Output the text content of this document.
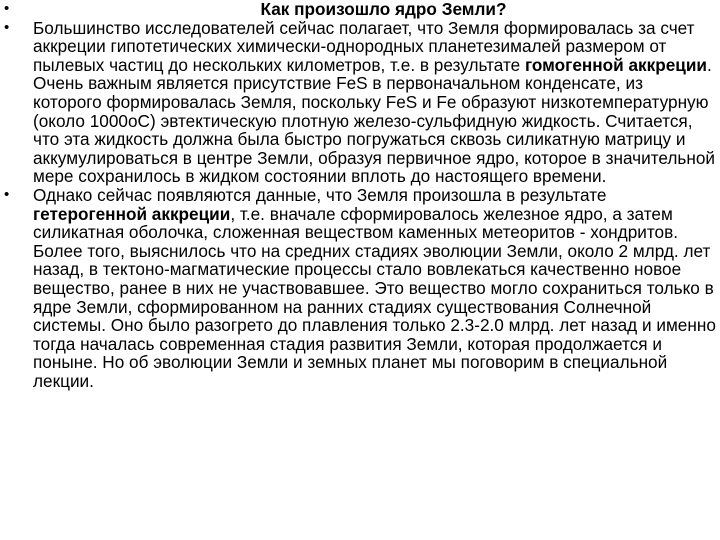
•	Как произошло ядро Земли?
• Большинство исследователей сейчас полагает, что Земля формировалась за счет аккреции гипотетических химически-однородных планетезималей размером от пылевых частиц до нескольких километров, т.е. в результате гомогенной аккреции. Очень важным является присутствие FeS в первоначальном конденсате, из которого формировалась Земля, поскольку FeS и Fe образуют низкотемпературную (около 1000оС) эвтектическую плотную железо-сульфидную жидкость. Считается, что эта жидкость должна была быстро погружаться сквозь силикатную матрицу и аккумулироваться в центре Земли, образуя первичное ядро, которое в значительной мере сохранилось в жидком состоянии вплоть до настоящего времени.
• Однако сейчас появляются данные, что Земля произошла в результате гетерогенной аккреции, т.е. вначале сформировалось железное ядро, а затем силикатная оболочка, сложенная веществом каменных метеоритов - хондритов. Более того, выяснилось что на средних стадиях эволюции Земли, около 2 млрд. лет назад, в тектоно-магматические процессы стало вовлекаться качественно новое вещество, ранее в них не участвовавшее. Это вещество могло сохраниться только в ядре Земли, сформированном на ранних стадиях существования Солнечной системы. Оно было разогрето до плавления только 2.3-2.0 млрд. лет назад и именно тогда началась современная стадия развития Земли, которая продолжается и поныне. Но об эволюции Земли и земных планет мы поговорим в специальной лекции.
